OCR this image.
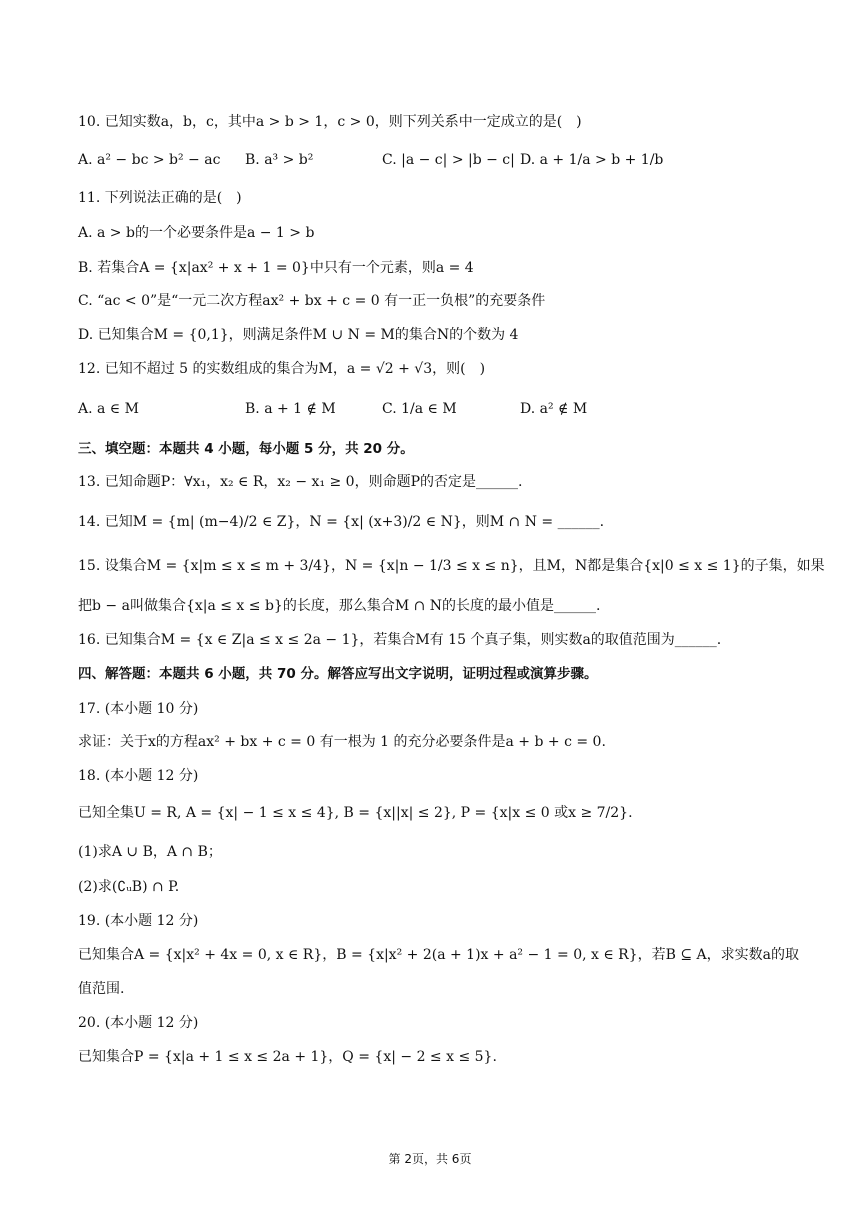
10. 已知实数a，b，c，其中a > b > 1，c > 0，则下列关系中一定成立的是(　)
A. a² − bc > b² − ac B. a³ > b²	C. |a − c| > |b − c| D. a + 1/a > b + 1/b
11. 下列说法正确的是(　)
A. a > b的一个必要条件是a − 1 > b
B. 若集合A = {x|ax² + x + 1 = 0}中只有一个元素，则a = 4
C. “ac < 0”是“一元二次方程ax² + bx + c = 0 有一正一负根”的充要条件
D. 已知集合M = {0,1}，则满足条件M ∪ N = M的集合N的个数为 4
12. 已知不超过 5 的实数组成的集合为M，a = √2 + √3，则(　)
A. a ∈ M	B. a + 1 ∉ M	C. 1/a ∈ M	D. a² ∉ M
三、填空题：本题共 4 小题，每小题 5 分，共 20 分。
13. 已知命题P：∀x₁，x₂ ∈ R，x₂ − x₁ ≥ 0，则命题P的否定是______.
14. 已知M = {m| (m−4)/2 ∈ Z}，N = {x| (x+3)/2 ∈ N}，则M ∩ N = ______.
15. 设集合M = {x|m ≤ x ≤ m + 3/4}，N = {x|n − 1/3 ≤ x ≤ n}，且M，N都是集合{x|0 ≤ x ≤ 1}的子集，如果
把b − a叫做集合{x|a ≤ x ≤ b}的长度，那么集合M ∩ N的长度的最小值是______.
16. 已知集合M = {x ∈ Z|a ≤ x ≤ 2a − 1}，若集合M有 15 个真子集，则实数a的取值范围为______.
四、解答题：本题共 6 小题，共 70 分。解答应写出文字说明，证明过程或演算步骤。
17. (本小题 10 分)
求证：关于x的方程ax² + bx + c = 0 有一根为 1 的充分必要条件是a + b + c = 0.
18. (本小题 12 分)
已知全集U = R, A = {x| − 1 ≤ x ≤ 4}, B = {x||x| ≤ 2}, P = {x|x ≤ 0 或x ≥ 7/2}.
(1)求A ∪ B，A ∩ B；
(2)求(∁ᵤB) ∩ P.
19. (本小题 12 分)
已知集合A = {x|x² + 4x = 0, x ∈ R}，B = {x|x² + 2(a + 1)x + a² − 1 = 0, x ∈ R}，若B ⊆ A，求实数a的取
值范围.
20. (本小题 12 分)
已知集合P = {x|a + 1 ≤ x ≤ 2a + 1}，Q = {x| − 2 ≤ x ≤ 5}.
第 2页，共 6页
